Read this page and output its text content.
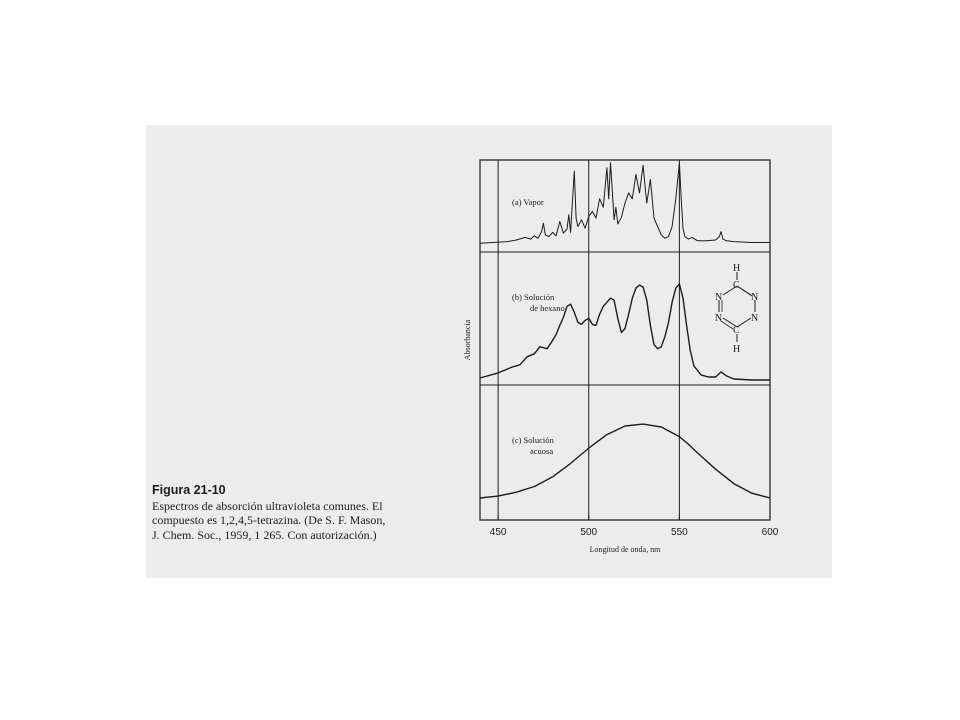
Figura 21-10
Espectros de absorción ultravioleta comunes. El compuesto es 1,2,4,5-tetrazina. (De S. F. Mason, J. Chem. Soc., 1959, 1 265. Con autorización.)	450	500	550	600
(a) Vapor
(b) Solución
de hexano
(c) Solución
acuosa
Longitud de onda, nm
Absorbancia
H
C
N	N
N	N
C
H
